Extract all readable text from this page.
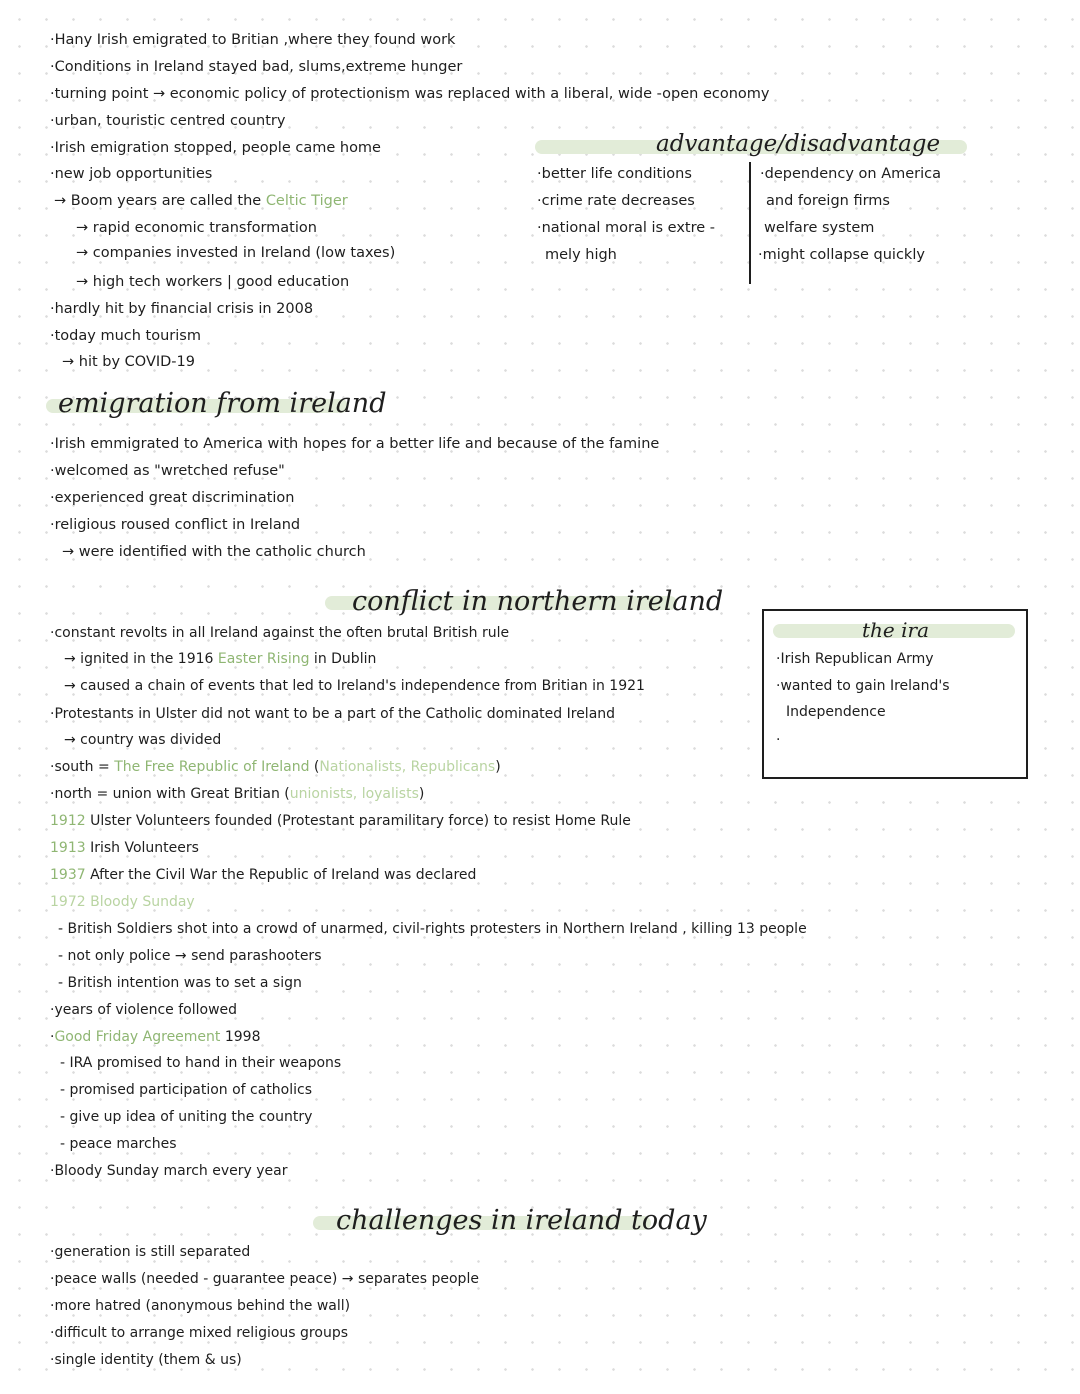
·Hany Irish emigrated to Britian ,where they found work
·Conditions in Ireland stayed bad, slums,extreme hunger
·turning point → economic policy of protectionism was replaced with a liberal, wide -open economy
·urban, touristic centred country
·Irish emigration stopped, people came home
·new job opportunities
→ Boom years are called the Celtic Tiger
→ rapid economic transformation
→ companies invested in Ireland (low taxes)
→ high tech workers | good education
·hardly hit by financial crisis in 2008
·today much tourism
→ hit by COVID-19
advantage/disadvantage
·better life conditions
·crime rate decreases
·national moral is extre -
mely high
·dependency on America
and foreign firms
welfare system
·might collapse quickly
emigration from ireland
·Irish emmigrated to America with hopes for a better life and because of the famine
·welcomed as "wretched refuse"
·experienced great discrimination
·religious roused conflict in Ireland
→ were identified with the catholic church
conflict in northern ireland
·constant revolts in all Ireland against the often brutal British rule
→ ignited in the 1916 Easter Rising in Dublin
→ caused a chain of events that led to Ireland's independence from Britian in 1921
·Protestants in Ulster did not want to be a part of the Catholic dominated Ireland
→ country was divided
·south = The Free Republic of Ireland (Nationalists, Republicans)
·north = union with Great Britian (unionists, loyalists)
1912 Ulster Volunteers founded (Protestant paramilitary force) to resist Home Rule
1913 Irish Volunteers
1937 After the Civil War the Republic of Ireland was declared
1972 Bloody Sunday
- British Soldiers shot into a crowd of unarmed, civil-rights protesters in Northern Ireland , killing 13 people
- not only police → send parashooters
- British intention was to set a sign
·years of violence followed
·Good Friday Agreement 1998
- IRA promised to hand in their weapons
- promised participation of catholics
- give up idea of uniting the country
- peace marches
·Bloody Sunday march every year
the ira
·Irish Republican Army
·wanted to gain Ireland's
Independence
·
challenges in ireland today
·generation is still separated
·peace walls (needed - guarantee peace) → separates people
·more hatred (anonymous behind the wall)
·difficult to arrange mixed religious groups
·single identity (them & us)
